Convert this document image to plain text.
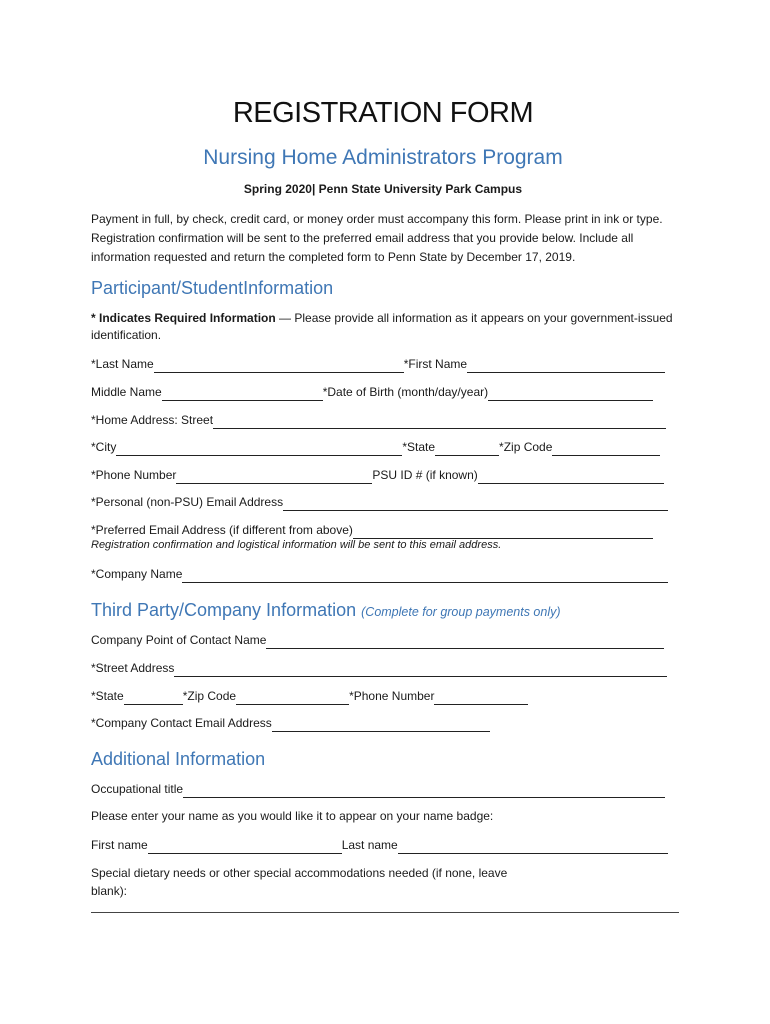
REGISTRATION FORM
Nursing Home Administrators Program
Spring 2020| Penn State University Park Campus
Payment in full, by check, credit card, or money order must accompany this form. Please print in ink or type. Registration confirmation will be sent to the preferred email address that you provide below. Include all information requested and return the completed form to Penn State by December 17, 2019.
Participant/StudentInformation
* Indicates Required Information — Please provide all information as it appears on your government-issued identification.
*Last Name	*First Name
Middle Name	*Date of Birth (month/day/year)
*Home Address: Street
*City	*State	*Zip Code
*Phone Number	PSU ID # (if known)
*Personal (non-PSU) Email Address
*Preferred Email Address (if different from above)
Registration confirmation and logistical information will be sent to this email address.
*Company Name
Third Party/Company Information (Complete for group payments only)
Company Point of Contact Name
*Street Address
*State	*Zip Code	*Phone Number
*Company Contact Email Address
Additional Information
Occupational title
Please enter your name as you would like it to appear on your name badge:
First name	Last name
Special dietary needs or other special accommodations needed (if none, leave blank):
